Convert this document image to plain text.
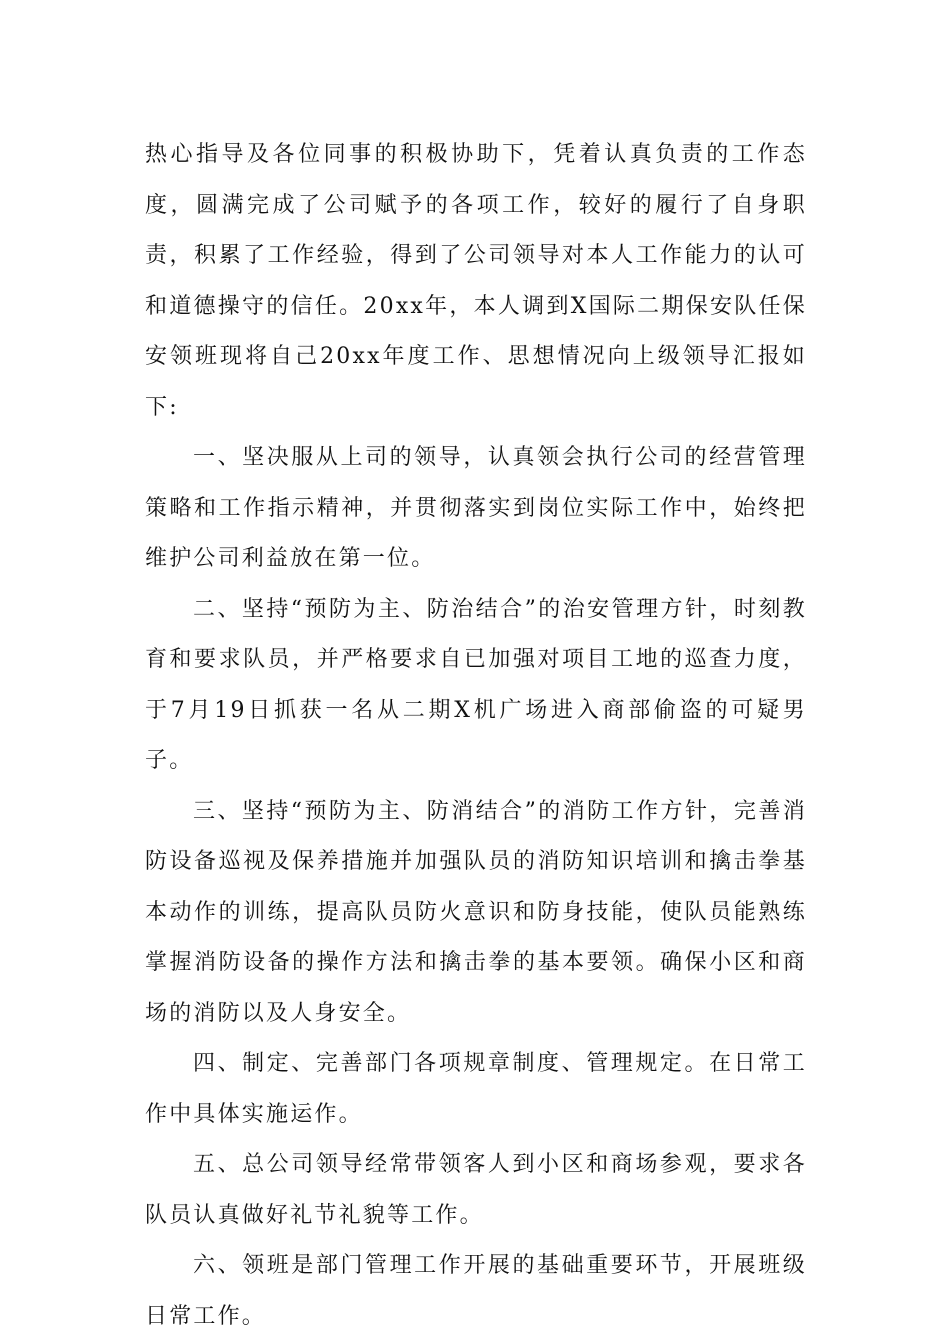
热心指导及各位同事的积极协助下，凭着认真负责的工作态度，圆满完成了公司赋予的各项工作，较好的履行了自身职责，积累了工作经验，得到了公司领导对本人工作能力的认可和道德操守的信任。20xx年，本人调到X国际二期保安队任保安领班现将自己20xx年度工作、思想情况向上级领导汇报如下:

一、坚决服从上司的领导，认真领会执行公司的经营管理策略和工作指示精神，并贯彻落实到岗位实际工作中，始终把维护公司利益放在第一位。

二、坚持“预防为主、防治结合”的治安管理方针，时刻教育和要求队员，并严格要求自已加强对项目工地的巡查力度，于7月19日抓获一名从二期X机广场进入商部偷盗的可疑男子。

三、坚持“预防为主、防消结合”的消防工作方针，完善消防设备巡视及保养措施并加强队员的消防知识培训和擒击拳基本动作的训练，提高队员防火意识和防身技能，使队员能熟练掌握消防设备的操作方法和擒击拳的基本要领。确保小区和商场的消防以及人身安全。

四、制定、完善部门各项规章制度、管理规定。在日常工作中具体实施运作。

五、总公司领导经常带领客人到小区和商场参观，要求各队员认真做好礼节礼貌等工作。

六、领班是部门管理工作开展的基础重要环节，开展班级日常工作。
